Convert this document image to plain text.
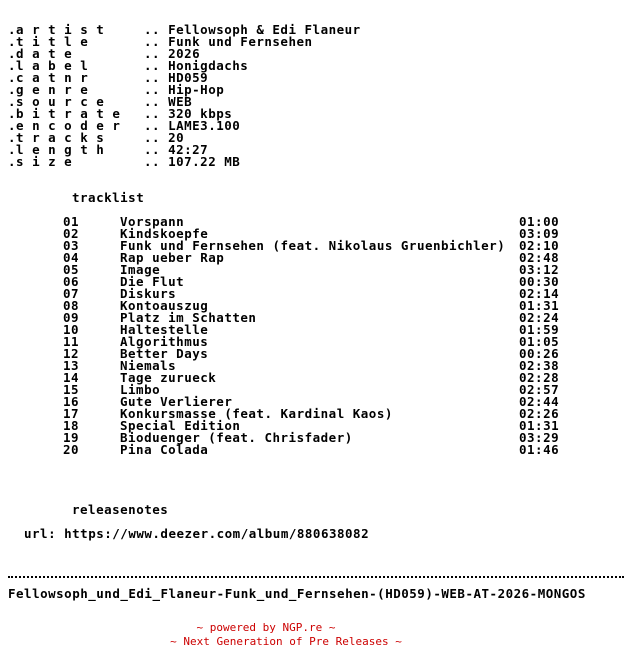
.a r t i s t	.. Fellowsoph & Edi Flaneur
.t i t l e	.. Funk und Fernsehen
.d a t e	.. 2026
.l a b e l	.. Honigdachs
.c a t n r	.. HD059
.g e n r e	.. Hip-Hop
.s o u r c e	.. WEB
.b i t r a t e .. 320 kbps
.e n c o d e r .. LAME3.100
.t r a c k s	.. 20
.l e n g t h	.. 42:27
.s i z e	.. 107.22 MB
tracklist
01	Vorspann	01:00
02	Kindskoepfe	03:09
03	Funk und Fernsehen (feat. Nikolaus Gruenbichler) 02:10
04	Rap ueber Rap	02:48
05	Image	03:12
06	Die Flut	00:30
07	Diskurs	02:14
08	Kontoauszug	01:31
09	Platz im Schatten	02:24
10	Haltestelle	01:59
11	Algorithmus	01:05
12	Better Days	00:26
13	Niemals	02:38
14	Tage zurueck	02:28
15	Limbo	02:57
16	Gute Verlierer	02:44
17	Konkursmasse (feat. Kardinal Kaos)	02:26
18	Special Edition	01:31
19	Bioduenger (feat. Chrisfader)	03:29
20	Pina Colada	01:46
releasenotes
url: https://www.deezer.com/album/880638082
Fellowsoph_und_Edi_Flaneur-Funk_und_Fernsehen-(HD059)-WEB-AT-2026-MONGOS
~ powered by NGP.re ~
~ Next Generation of Pre Releases ~
